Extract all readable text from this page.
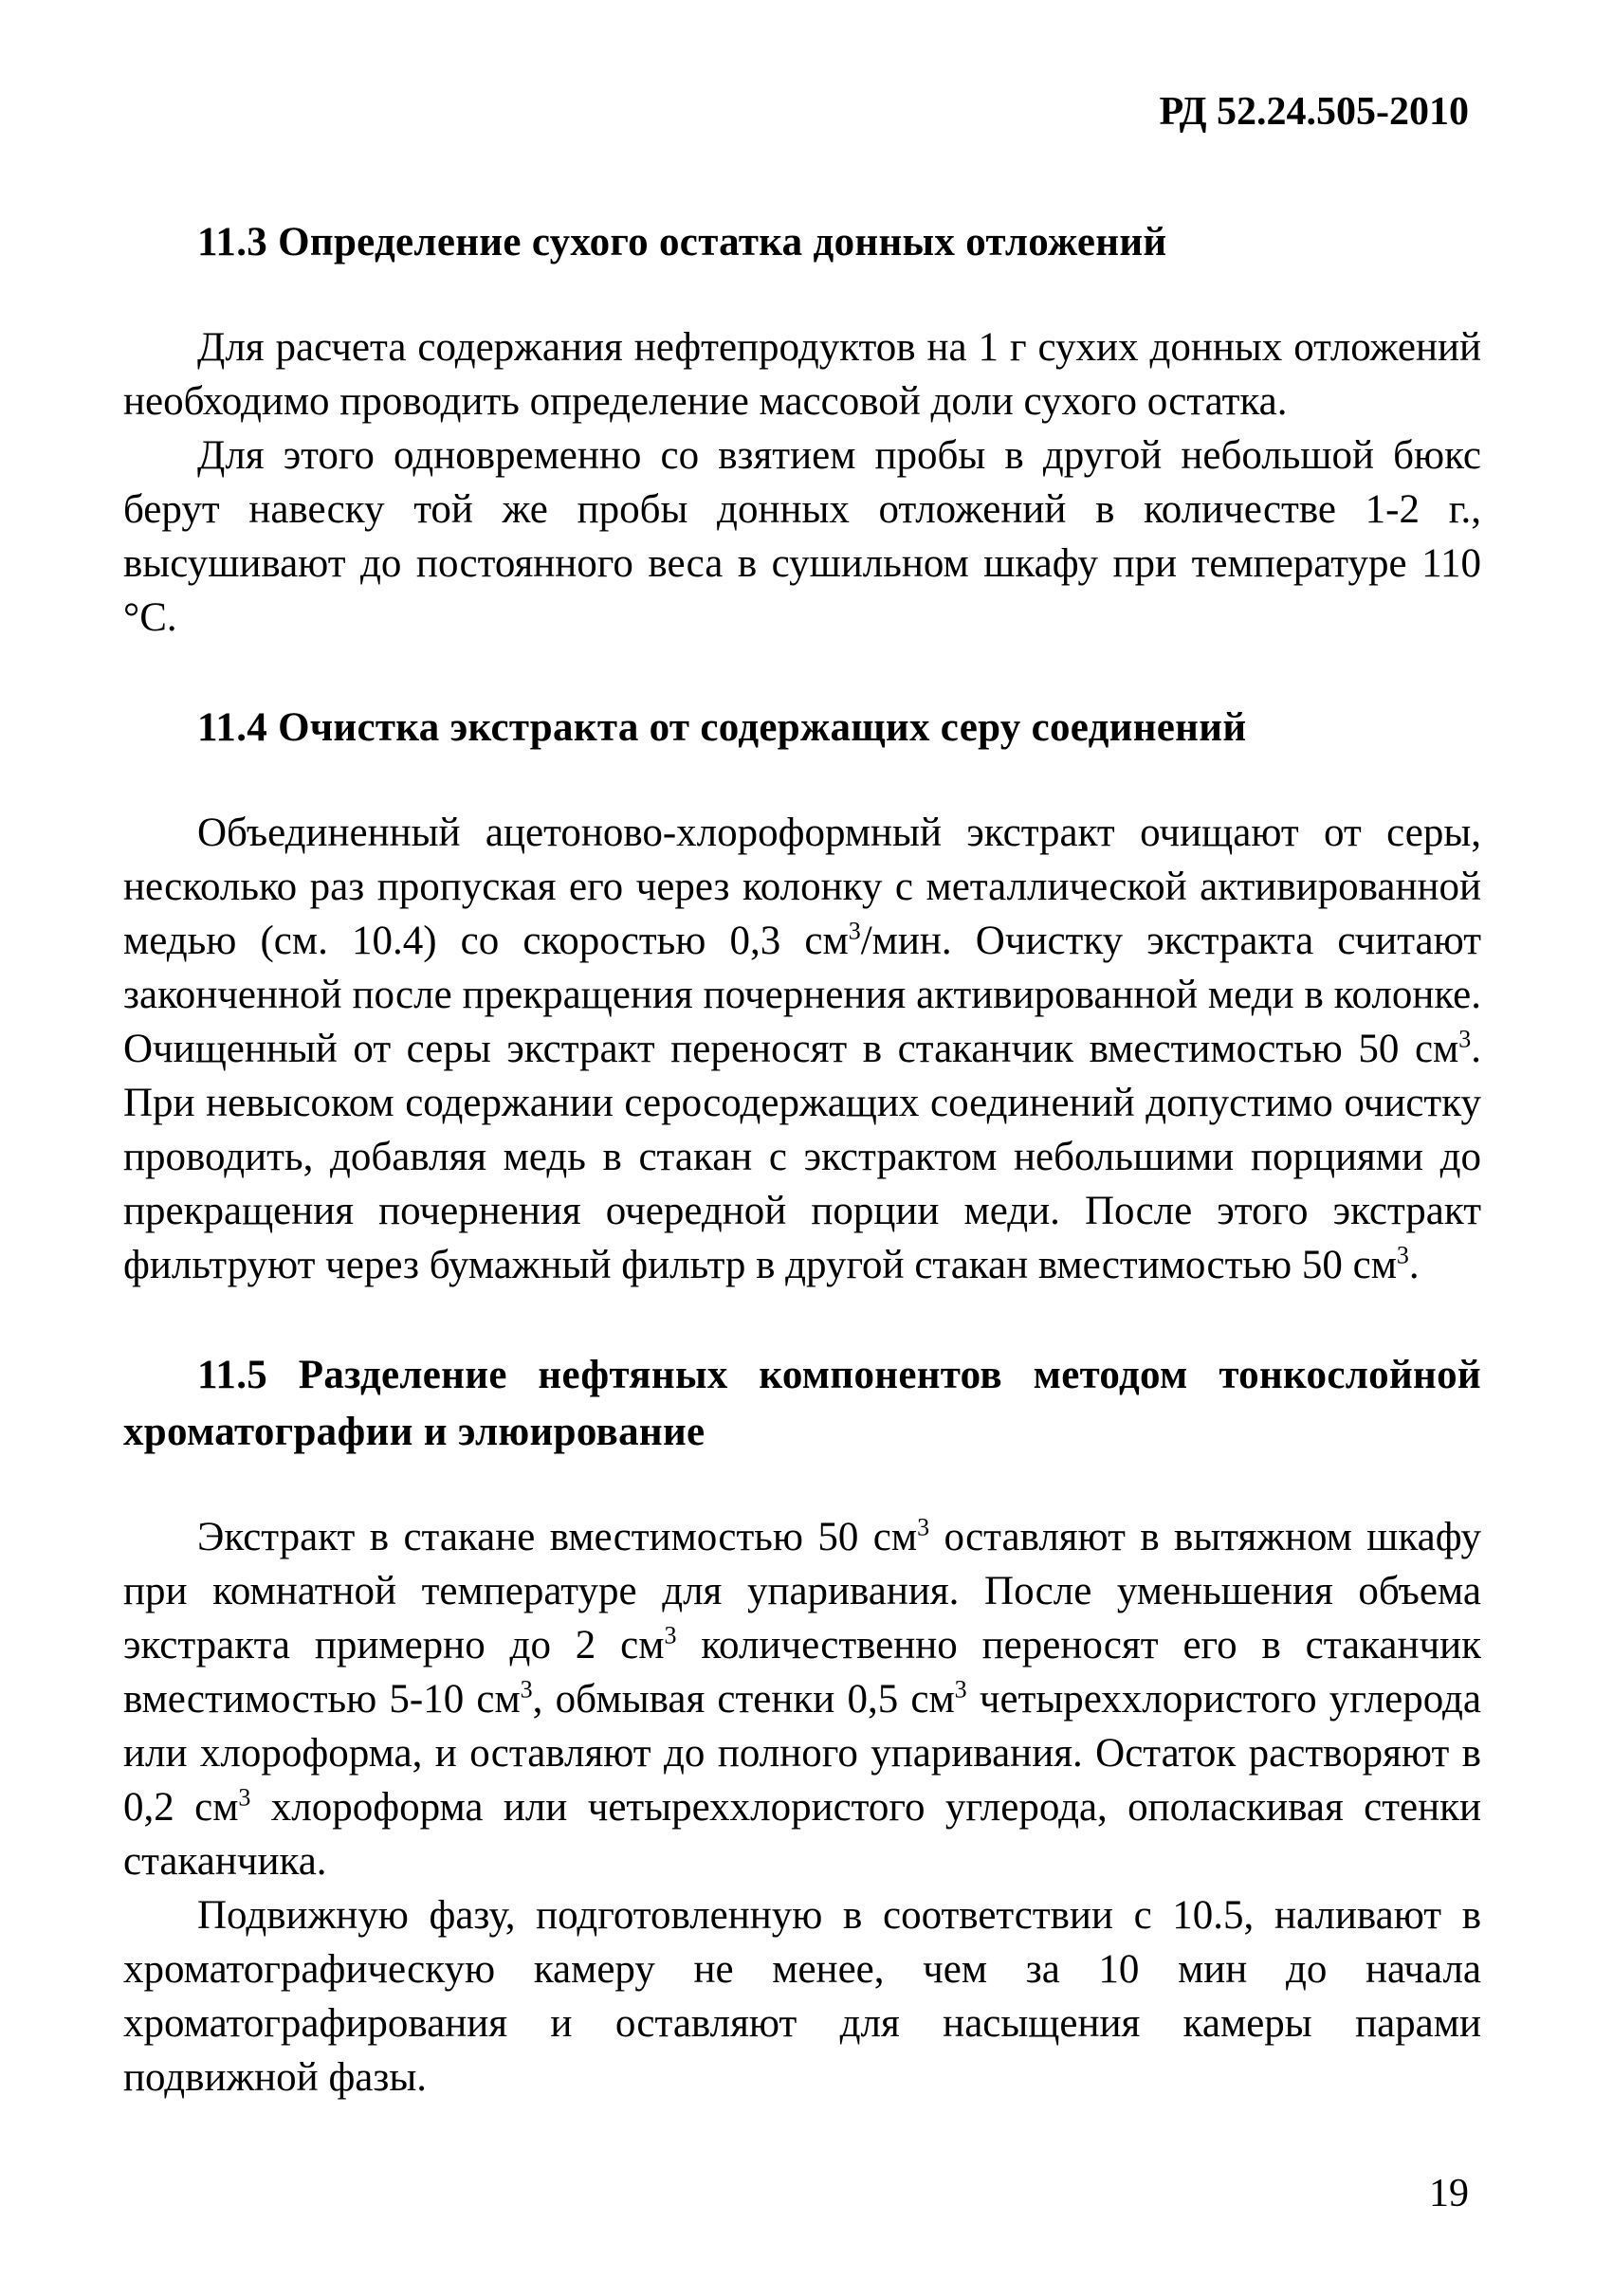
РД 52.24.505-2010
11.3 Определение сухого остатка донных отложений

Для расчета содержания нефтепродуктов на 1 г сухих донных отложений необходимо проводить определение массовой доли сухого остатка.

Для этого одновременно со взятием пробы в другой небольшой бюкс берут навеску той же пробы донных отложений в количестве 1-2 г., высушивают до постоянного веса в сушильном шкафу при температуре 110 °С.

11.4 Очистка экстракта от содержащих серу соединений

Объединенный ацетоново-хлороформный экстракт очищают от серы, несколько раз пропуская его через колонку с металлической активированной медью (см. 10.4) со скоростью 0,3 $см^3$/мин. Очистку экстракта считают законченной после прекращения почернения активированной меди в колонке. Очищенный от серы экстракт переносят в стаканчик вместимостью 50 $см^3$. При невысоком содержании серосодержащих соединений допустимо очистку проводить, добавляя медь в стакан с экстрактом небольшими порциями до прекращения почернения очередной порции меди. После этого экстракт фильтруют через бумажный фильтр в другой стакан вместимостью 50 $см^3$.

11.5 Разделение нефтяных компонентов методом тонкослойной хроматографии и элюирование

Экстракт в стакане вместимостью 50 $см^3$ оставляют в вытяжном шкафу при комнатной температуре для упаривания. После уменьшения объема экстракта примерно до 2 $см^3$ количественно переносят его в стаканчик вместимостью 5-10 $см^3$, обмывая стенки 0,5 $см^3$ четыреххлористого углерода или хлороформа, и оставляют до полного упаривания. Остаток растворяют в 0,2 $см^3$ хлороформа или четыреххлористого углерода, ополаскивая стенки стаканчика.

Подвижную фазу, подготовленную в соответствии с 10.5, наливают в хроматографическую камеру не менее, чем за 10 мин до начала хроматографирования и оставляют для насыщения камеры парами подвижной фазы.

19
